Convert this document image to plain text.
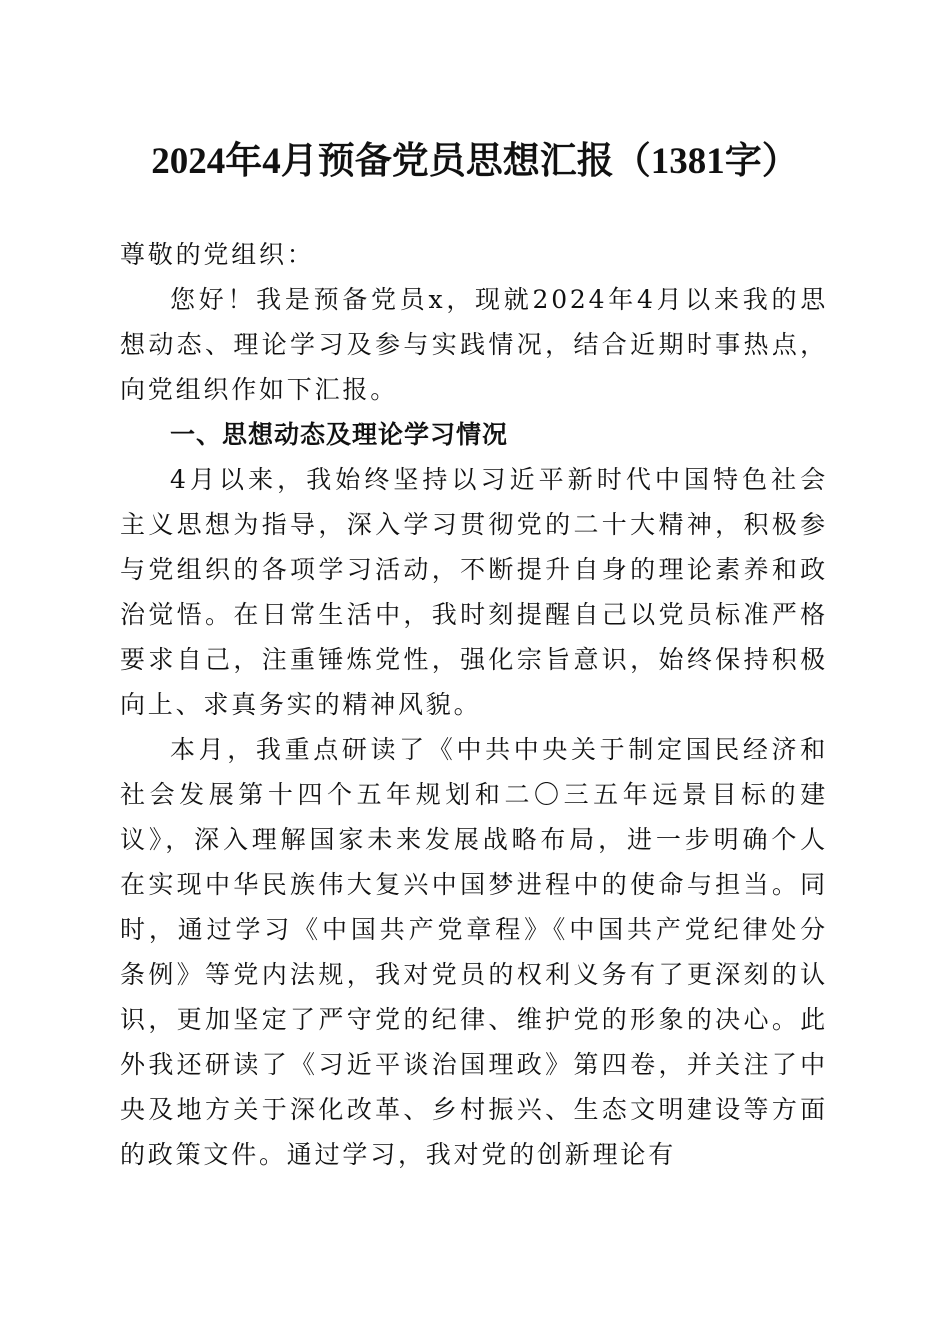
2024年4月预备党员思想汇报（1381字）

尊敬的党组织：

您好！我是预备党员x，现就2024年4月以来我的思想动态、理论学习及参与实践情况，结合近期时事热点，向党组织作如下汇报。

一、思想动态及理论学习情况

4月以来，我始终坚持以习近平新时代中国特色社会主义思想为指导，深入学习贯彻党的二十大精神，积极参与党组织的各项学习活动，不断提升自身的理论素养和政治觉悟。在日常生活中，我时刻提醒自己以党员标准严格要求自己，注重锤炼党性，强化宗旨意识，始终保持积极向上、求真务实的精神风貌。

本月，我重点研读了《中共中央关于制定国民经济和社会发展第十四个五年规划和二〇三五年远景目标的建议》，深入理解国家未来发展战略布局，进一步明确个人在实现中华民族伟大复兴中国梦进程中的使命与担当。同时，通过学习《中国共产党章程》《中国共产党纪律处分条例》等党内法规，我对党员的权利义务有了更深刻的认识，更加坚定了严守党的纪律、维护党的形象的决心。此外我还研读了《习近平谈治国理政》第四卷，并关注了中央及地方关于深化改革、乡村振兴、生态文明建设等方面的政策文件。通过学习，我对党的创新理论有
